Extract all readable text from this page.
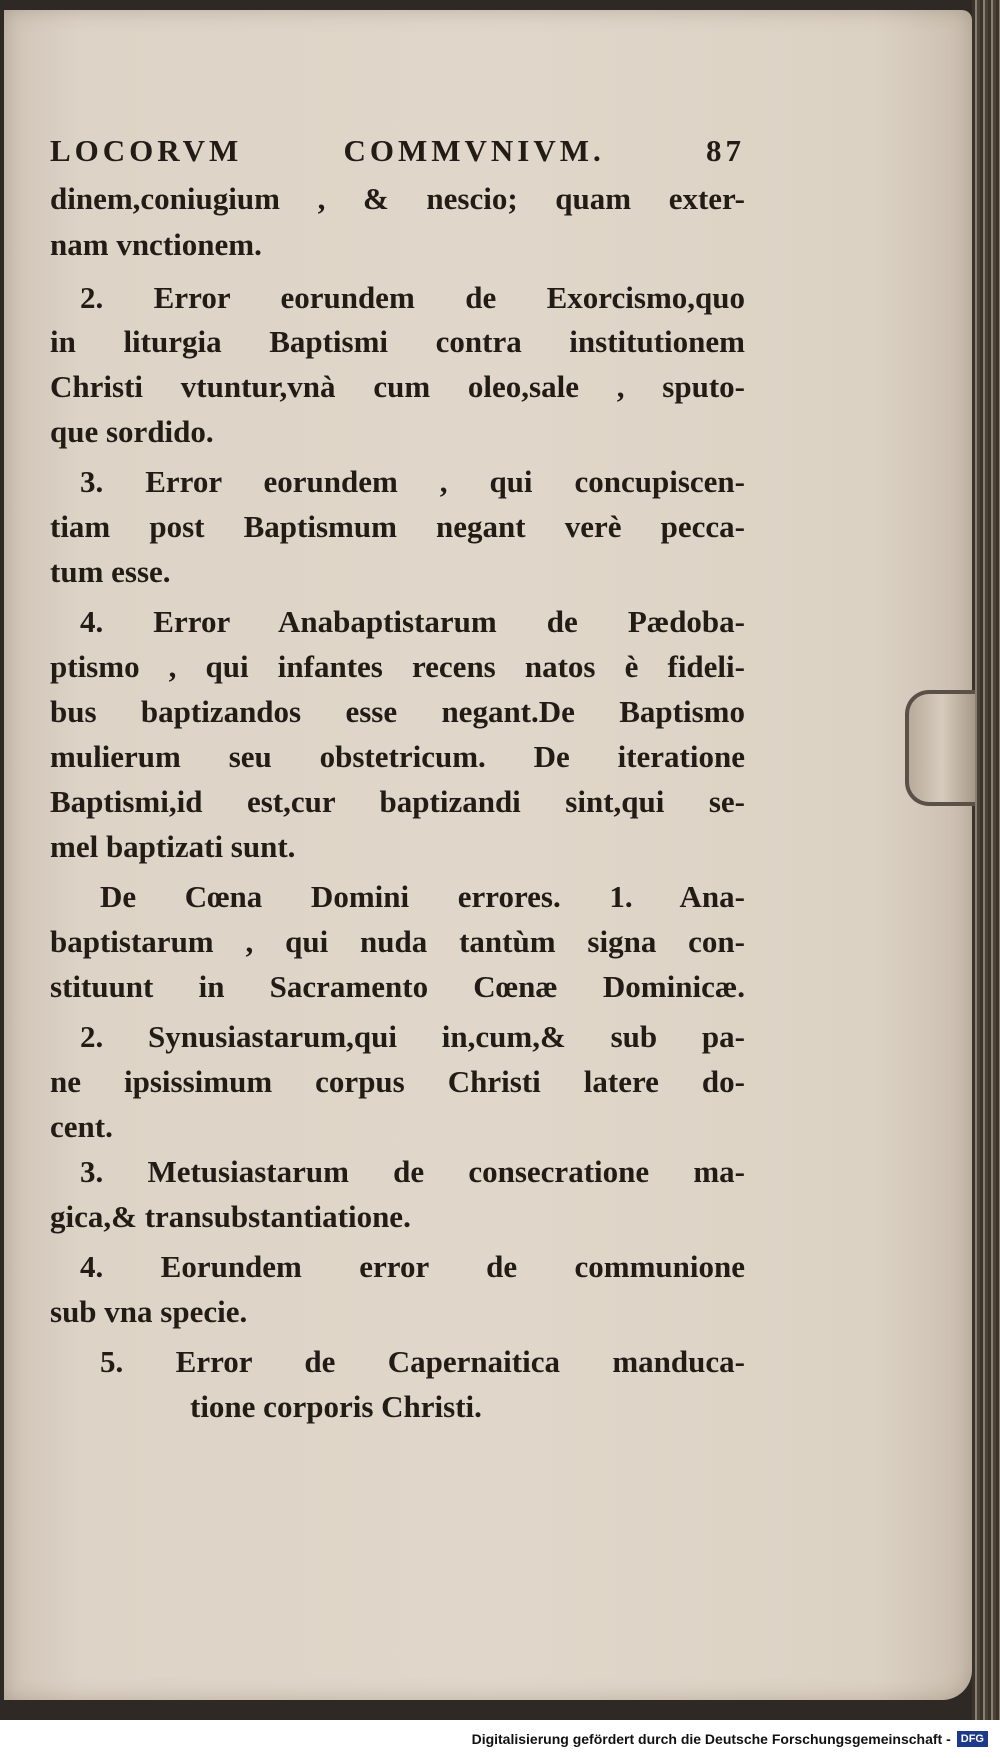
LOCORVM COMMVNIVM.	87
dinem,coniugium , & nescio; quam exter-
nam vnctionem.
2. Error eorundem de Exorcismo,quo
in liturgia Baptismi contra institutionem
Christi vtuntur,vnà cum oleo,sale , sputo-
que sordido.
3. Error eorundem , qui concupiscen-
tiam post Baptismum negant verè pecca-
tum esse.
4. Error Anabaptistarum de Pædoba-
ptismo , qui infantes recens natos è fideli-
bus baptizandos esse negant.De Baptismo
mulierum seu obstetricum. De iteratione
Baptismi,id est,cur baptizandi sint,qui se-
mel baptizati sunt.
De Cœna Domini errores. 1. Ana-
baptistarum , qui nuda tantùm signa con-
stituunt in Sacramento Cœnæ Dominicæ.
2. Synusiastarum,qui in,cum,& sub pa-
ne ipsissimum corpus Christi latere do-
cent.
3. Metusiastarum de consecratione ma-
gica,& transubstantiatione.
4. Eorundem error de communione
sub vna specie.
5. Error de Capernaitica manduca-
tione corporis Christi.
Digitalisierung gefördert durch die Deutsche Forschungsgemeinschaft - DFG
